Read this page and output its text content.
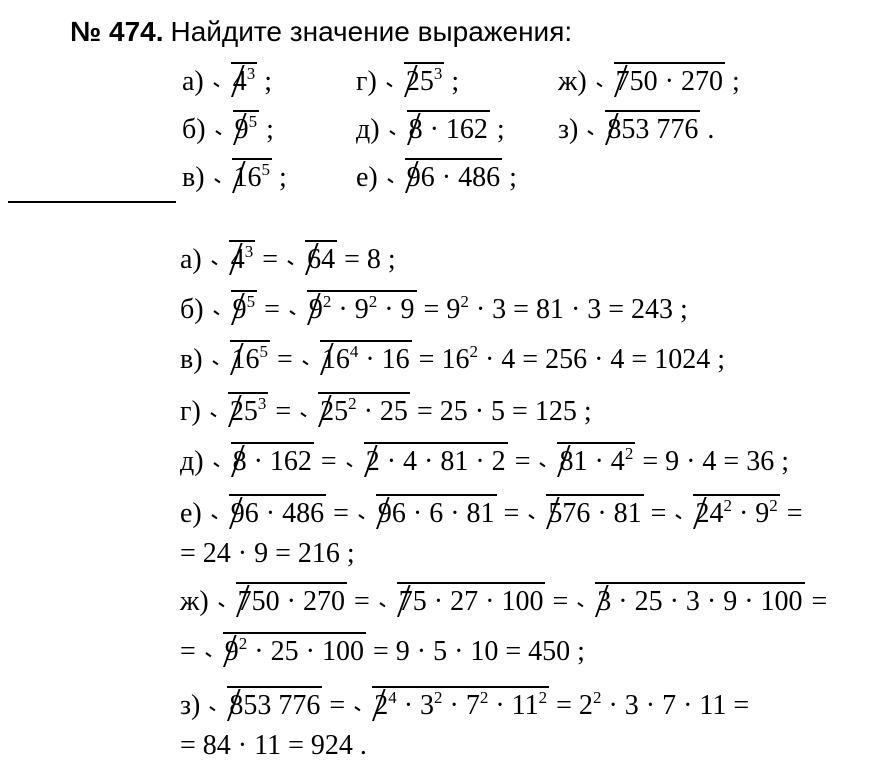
№ 474. Найдите значение выражения:
а) $4^3$ ;	г) $25^3$ ;	ж) 750 · 270 ;
б) $9^5$ ;	д) 8 · 162 ; з) 853 776 .
в) $16^5$ ; е) 96 · 486 ;
а) $4^3 = 64 = 8$ ;
б) $9^5 = 9^2 \cdot 9^2 \cdot 9 = 9^2 \cdot 3 = 81 \cdot 3 = 243$ ;
в) $16^5 = 16^4 \cdot 16 = 16^2 \cdot 4 = 256 \cdot 4 = 1024$ ;
г) $25^3 = 25^2 \cdot 25 = 25 \cdot 5 = 125$ ;
д) $8 \cdot 162 = 2 \cdot 4 \cdot 81 \cdot 2 = 81 \cdot 4^2 = 9 \cdot 4 = 36$ ;
е) $96 \cdot 486 = 96 \cdot 6 \cdot 81 = 576 \cdot 81 = 24^2 \cdot 9^2$ =
= 24 · 9 = 216 ;
ж) 750 · 270 = 75 · 27 · 100 = 3 · 25 · 3 · 9 · 100 =
= $9^2 \cdot 25 \cdot 100 = 9 \cdot 5 \cdot 10 = 450$ ;
з) 853 $776 = 2^4 \cdot 3^2 \cdot 7^2 \cdot 11^2 = 2^2 \cdot 3 \cdot 7 \cdot 11$ =
= 84 · 11 = 924 .
